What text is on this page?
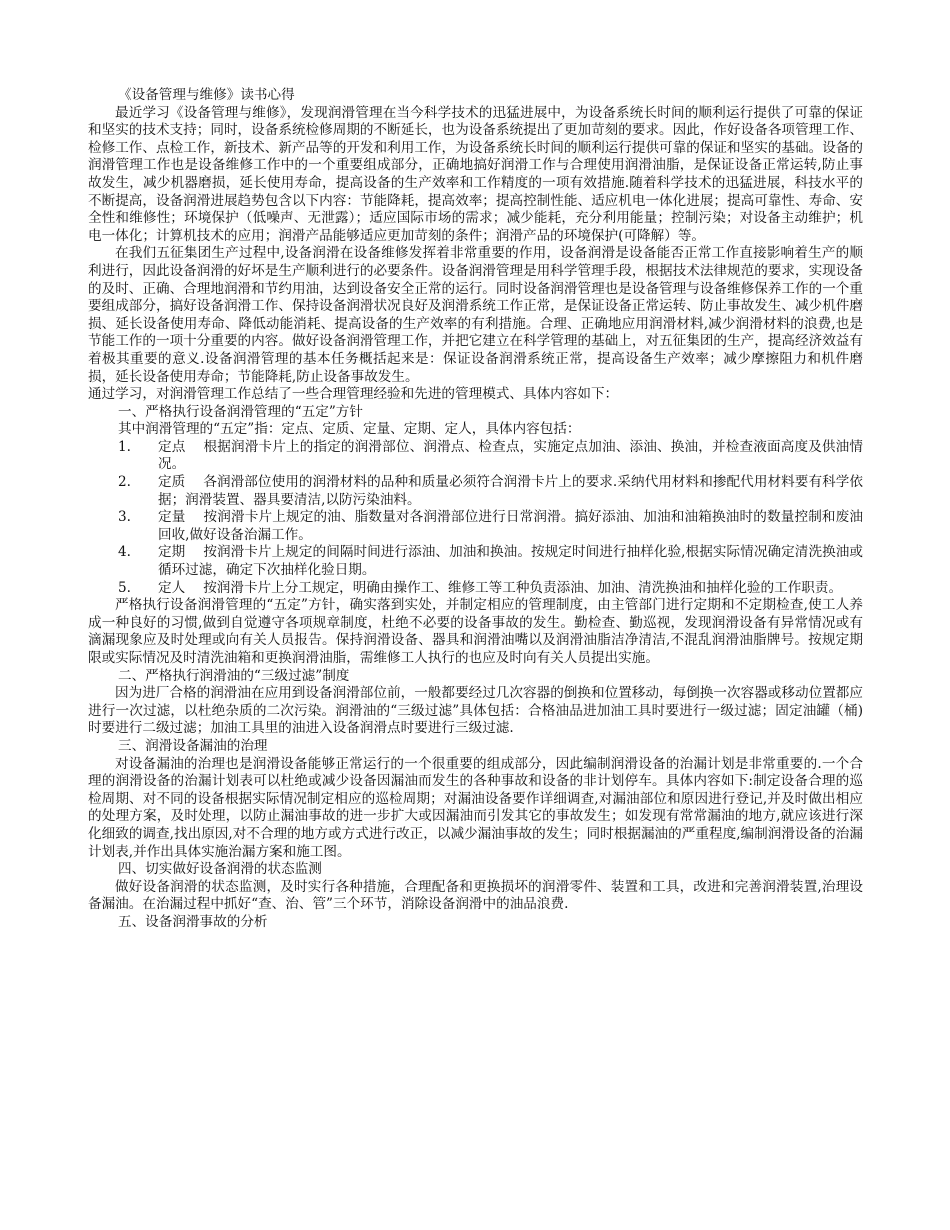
《设备管理与维修》读书心得

最近学习《设备管理与维修》，发现润滑管理在当今科学技术的迅猛进展中，为设备系统长时间的顺利运行提供了可靠的保证和坚实的技术支持；同时，设备系统检修周期的不断延长，也为设备系统提出了更加苛刻的要求。因此，作好设备各项管理工作、检修工作、点检工作，新技术、新产品等的开发和利用工作，为设备系统长时间的顺利运行提供可靠的保证和坚实的基础。设备的润滑管理工作也是设备维修工作中的一个重要组成部分，正确地搞好润滑工作与合理使用润滑油脂，是保证设备正常运转,防止事故发生，减少机器磨损，延长使用寿命，提高设备的生产效率和工作精度的一项有效措施.随着科学技术的迅猛进展，科技水平的不断提高，设备润滑进展趋势包含以下内容：节能降耗，提高效率；提高控制性能、适应机电一体化进展；提高可靠性、寿命、安全性和维修性；环境保护（低噪声、无泄露）；适应国际市场的需求；减少能耗，充分利用能量；控制污染；对设备主动维护；机电一体化；计算机技术的应用；润滑产品能够适应更加苛刻的条件；润滑产品的环境保护(可降解）等。

在我们五征集团生产过程中,设备润滑在设备维修发挥着非常重要的作用，设备润滑是设备能否正常工作直接影响着生产的顺利进行，因此设备润滑的好坏是生产顺利进行的必要条件。设备润滑管理是用科学管理手段，根据技术法律规范的要求，实现设备的及时、正确、合理地润滑和节约用油，达到设备安全正常的运行。同时设备润滑管理也是设备管理与设备维修保养工作的一个重要组成部分，搞好设备润滑工作、保持设备润滑状况良好及润滑系统工作正常，是保证设备正常运转、防止事故发生、减少机件磨损、延长设备使用寿命、降低动能消耗、提高设备的生产效率的有利措施。合理、正确地应用润滑材料,减少润滑材料的浪费,也是节能工作的一项十分重要的内容。做好设备润滑管理工作，并把它建立在科学管理的基础上，对五征集团的生产，提高经济效益有着极其重要的意义.设备润滑管理的基本任务概括起来是：保证设备润滑系统正常，提高设备生产效率；减少摩擦阻力和机件磨损，延长设备使用寿命；节能降耗,防止设备事故发生。

通过学习，对润滑管理工作总结了一些合理管理经验和先进的管理模式、具体内容如下：

一、严格执行设备润滑管理的“五定”方针

其中润滑管理的“五定”指：定点、定质、定量、定期、定人，具体内容包括：

1. 定点 根据润滑卡片上的指定的润滑部位、润滑点、检查点，实施定点加油、添油、换油，并检查液面高度及供油情况。
2. 定质 各润滑部位使用的润滑材料的品种和质量必须符合润滑卡片上的要求.采纳代用材料和掺配代用材料要有科学依据；润滑装置、器具要清洁,以防污染油料。
3. 定量 按润滑卡片上规定的油、脂数量对各润滑部位进行日常润滑。搞好添油、加油和油箱换油时的数量控制和废油回收,做好设备治漏工作。
4. 定期 按润滑卡片上规定的间隔时间进行添油、加油和换油。按规定时间进行抽样化验,根据实际情况确定清洗换油或循环过滤，确定下次抽样化验日期。
5. 定人 按润滑卡片上分工规定，明确由操作工、维修工等工种负责添油、加油、清洗换油和抽样化验的工作职责。

严格执行设备润滑管理的“五定”方针，确实落到实处，并制定相应的管理制度，由主管部门进行定期和不定期检查,使工人养成一种良好的习惯,做到自觉遵守各项规章制度，杜绝不必要的设备事故的发生。勤检查、勤巡视，发现润滑设备有异常情况或有滴漏现象应及时处理或向有关人员报告。保持润滑设备、器具和润滑油嘴以及润滑油脂洁净清洁,不混乱润滑油脂牌号。按规定期限或实际情况及时清洗油箱和更换润滑油脂，需维修工人执行的也应及时向有关人员提出实施。

二、严格执行润滑油的“三级过滤”制度

因为进厂合格的润滑油在应用到设备润滑部位前，一般都要经过几次容器的倒换和位置移动，每倒换一次容器或移动位置都应进行一次过滤，以杜绝杂质的二次污染。润滑油的“三级过滤”具体包括：合格油品进加油工具时要进行一级过滤；固定油罐（桶)时要进行二级过滤；加油工具里的油进入设备润滑点时要进行三级过滤.

三、润滑设备漏油的治理

对设备漏油的治理也是润滑设备能够正常运行的一个很重要的组成部分，因此编制润滑设备的治漏计划是非常重要的.一个合理的润滑设备的治漏计划表可以杜绝或减少设备因漏油而发生的各种事故和设备的非计划停车。具体内容如下:制定设备合理的巡检周期、对不同的设备根据实际情况制定相应的巡检周期；对漏油设备要作详细调查,对漏油部位和原因进行登记,并及时做出相应的处理方案，及时处理，以防止漏油事故的进一步扩大或因漏油而引发其它的事故发生；如发现有常常漏油的地方,就应该进行深化细致的调查,找出原因,对不合理的地方或方式进行改正，以减少漏油事故的发生；同时根据漏油的严重程度,编制润滑设备的治漏计划表,并作出具体实施治漏方案和施工图。

四、切实做好设备润滑的状态监测

做好设备润滑的状态监测，及时实行各种措施，合理配备和更换损坏的润滑零件、装置和工具，改进和完善润滑装置,治理设备漏油。在治漏过程中抓好“查、治、管”三个环节，消除设备润滑中的油品浪费.

五、设备润滑事故的分析
